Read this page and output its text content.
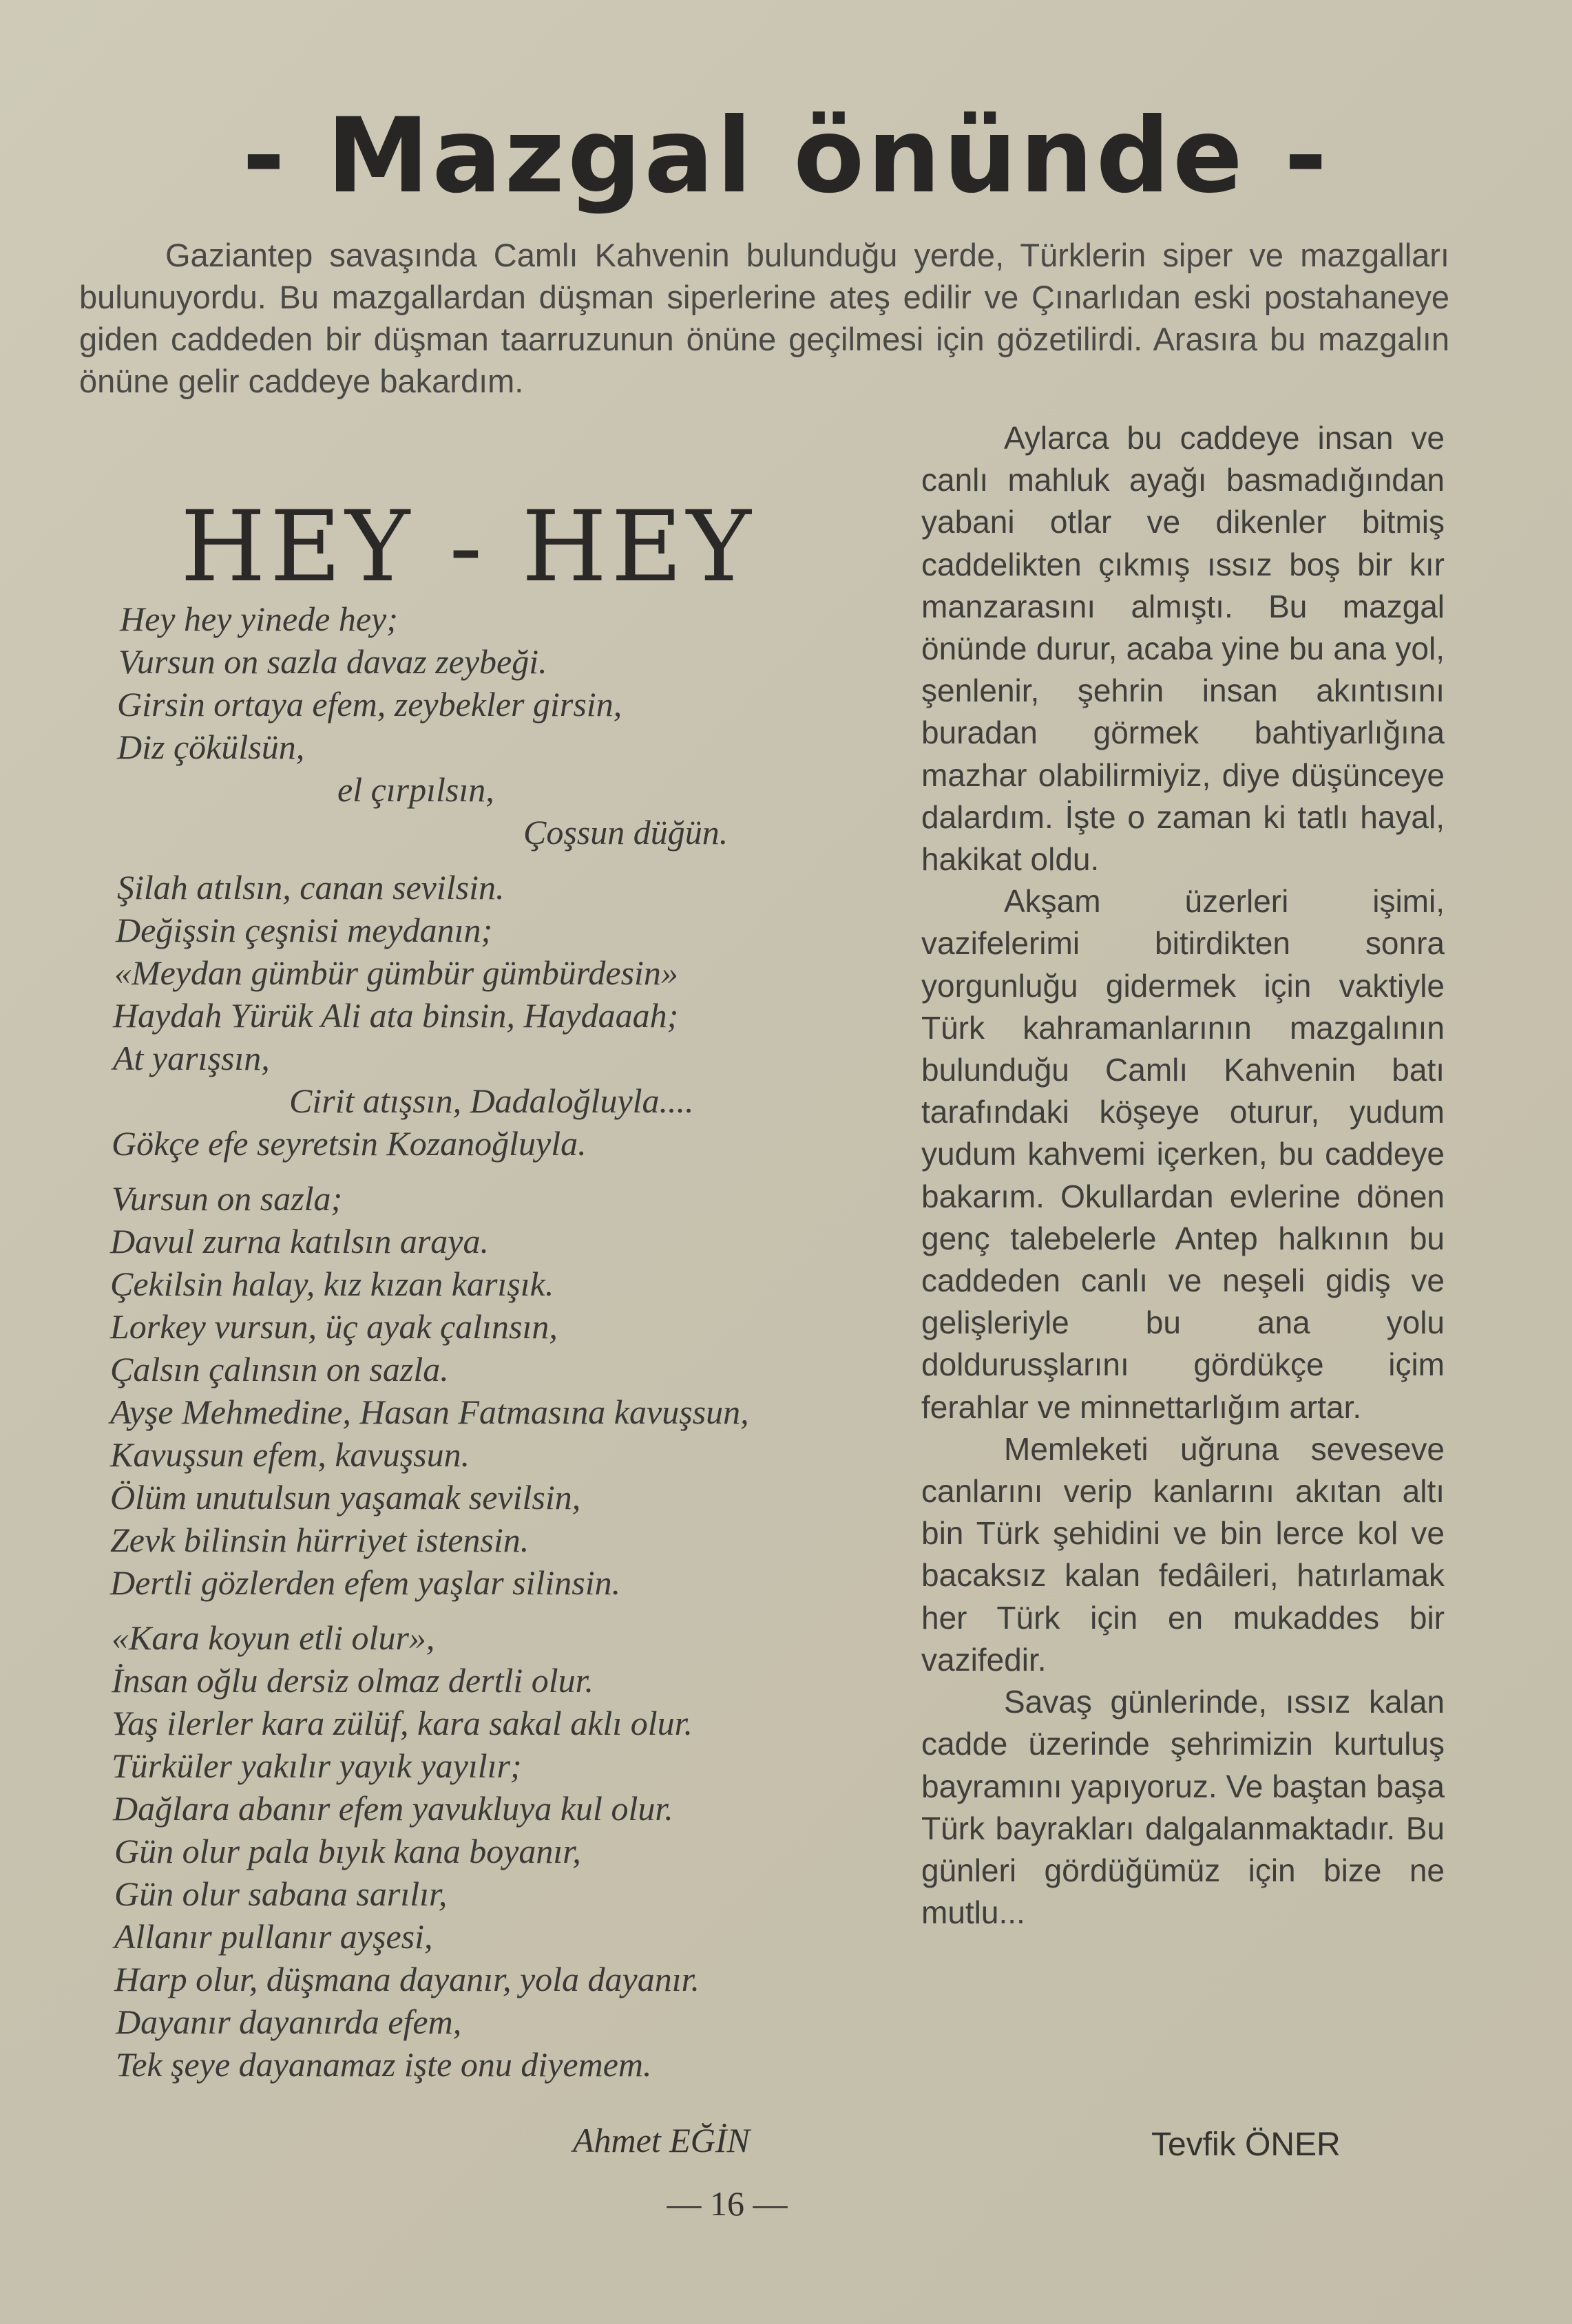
- Mazgal önünde -
Gaziantep savaşında Camlı Kahvenin bulunduğu yerde, Türklerin siper ve mazgalları bulunuyordu. Bu mazgallardan düşman siperlerine ateş edilir ve Çınarlıdan eski postahaneye giden caddeden bir düşman taarruzunun önüne geçilmesi için gözetilirdi. Arasıra bu mazgalın önüne gelir caddeye bakardım.
HEY - HEY
Hey hey yinede hey;
Vursun on sazla davaz zeybeği.
Girsin ortaya efem, zeybekler girsin,
Diz çökülsün,
el çırpılsın,
Çoşsun düğün.
Şilah atılsın, canan sevilsin.
Değişsin çeşnisi meydanın;
«Meydan gümbür gümbür gümbürdesin»
Haydah Yürük Ali ata binsin, Haydaaah;
At yarışsın,
Cirit atışsın, Dadaloğluyla....
Gökçe efe seyretsin Kozanoğluyla.
Vursun on sazla;
Davul zurna katılsın araya.
Çekilsin halay, kız kızan karışık.
Lorkey vursun, üç ayak çalınsın,
Çalsın çalınsın on sazla.
Ayşe Mehmedine, Hasan Fatmasına kavuşsun,
Kavuşsun efem, kavuşsun.
Ölüm unutulsun yaşamak sevilsin,
Zevk bilinsin hürriyet istensin.
Dertli gözlerden efem yaşlar silinsin.
«Kara koyun etli olur»,
İnsan oğlu dersiz olmaz dertli olur.
Yaş ilerler kara zülüf, kara sakal aklı olur.
Türküler yakılır yayık yayılır;
Dağlara abanır efem yavukluya kul olur.
Gün olur pala bıyık kana boyanır,
Gün olur sabana sarılır,
Allanır pullanır ayşesi,
Harp olur, düşmana dayanır, yola dayanır.
Dayanır dayanırda efem,
Tek şeye dayanamaz işte onu diyemem.
Ahmet EĞİN
— 16 —

Aylarca bu caddeye insan ve canlı mahluk ayağı basmadığından yabani otlar ve dikenler bitmiş caddelikten çıkmış ıssız boş bir kır manzarasını almıştı. Bu mazgal önünde durur, acaba yine bu ana yol, şenlenir, şehrin insan akıntısını buradan görmek bahtiyarlığına mazhar olabilirmiyiz, diye düşünceye dalardım. İşte o zaman ki tatlı hayal, hakikat oldu.

Akşam üzerleri işimi, vazifelerimi bitirdikten sonra yorgunluğu gidermek için vaktiyle Türk kahramanlarının mazgalının bulunduğu Camlı Kahvenin batı tarafındaki köşeye oturur, yudum yudum kahvemi içerken, bu caddeye bakarım. Okullardan evlerine dönen genç talebelerle Antep halkının bu caddeden canlı ve neşeli gidiş ve gelişleriyle bu ana yolu doldurusşlarını gördükçe içim ferahlar ve minnettarlığım artar.

Memleketi uğruna seveseve canlarını verip kanlarını akıtan altı bin Türk şehidini ve bin lerce kol ve bacaksız kalan fedâileri, hatırlamak her Türk için en mukaddes bir vazifedir.

Savaş günlerinde, ıssız kalan cadde üzerinde şehrimizin kurtuluş bayramını yapıyoruz. Ve baştan başa Türk bayrakları dalgalanmaktadır. Bu günleri gördüğümüz için bize ne mutlu...

Tevfik ÖNER
